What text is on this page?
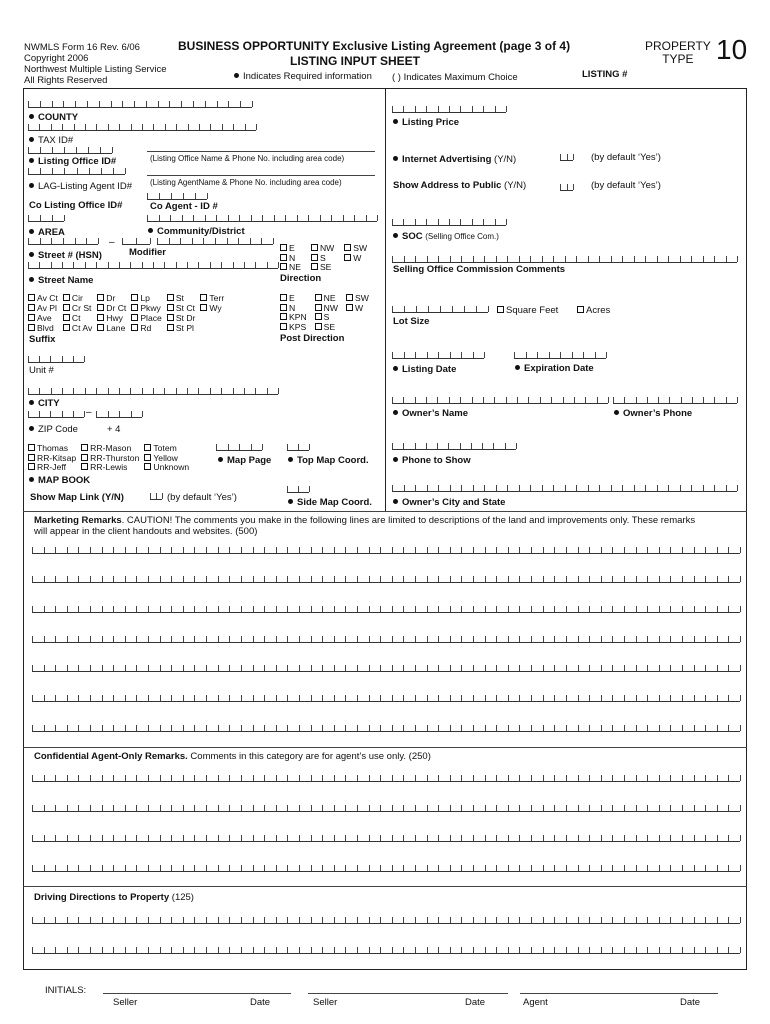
NWMLS Form 16 Rev. 6/06
Copyright 2006
Northwest Multiple Listing Service
All Rights Reserved
BUSINESS OPPORTUNITY Exclusive Listing Agreement (page 3 of 4)
LISTING INPUT SHEET
Indicates Required information ( ) Indicates Maximum Choice
PROPERTY
TYPE 10
LISTING #
COUNTY
TAX ID#
Listing Office ID#	(Listing Office Name & Phone No. including area code)
LAG-Listing Agent ID# (Listing AgentName & Phone No. including area code)
Co Listing Office ID#	Co Agent - ID #
AREA	Community/District
–
Modifier
Street # (HSN)
Street Name
E
N
NE
NW
S
SE
SW
W
Direction
Av Ct
Av Pl
Ave
Blvd
Cir
Cr St
Ct
Ct Av
Dr
Dr Ct
Hwy
Lane
Lp
Pkwy
Place
Rd
St
St Ct
St Dr
St Pl
Terr
Wy
Suffix
E
N
KPN
KPS
NE
NW
S
SE
SW
W
Post Direction
Unit #
CITY
–
ZIP Code	+ 4
Thomas
RR-Kitsap
RR-Jeff
RR-Mason
RR-Thurston
RR-Lewis
Totem
Yellow
Unknown
MAP BOOK
Map Page	Top Map Coord.
Show Map Link (Y/N)	(by default ‘Yes’)	Side Map Coord.
Listing Price
Internet Advertising (Y/N)	(by default ‘Yes’)
Show Address to Public (Y/N)	(by default ‘Yes’)
SOC (Selling Office Com.)
Selling Office Commission Comments
Square Feet	Acres
Lot Size
Listing Date	Expiration Date
Owner’s Name	Owner’s Phone
Phone to Show
Owner’s City and State
Marketing Remarks. CAUTION! The comments you make in the following lines are limited to descriptions of the land and improvements only. These remarks
will appear in the client handouts and websites. (500)
Confidential Agent-Only Remarks. Comments in this category are for agent’s use only. (250)
Driving Directions to Property (125)
INITIALS:
Seller	Date	Seller	Date	Agent	Date
